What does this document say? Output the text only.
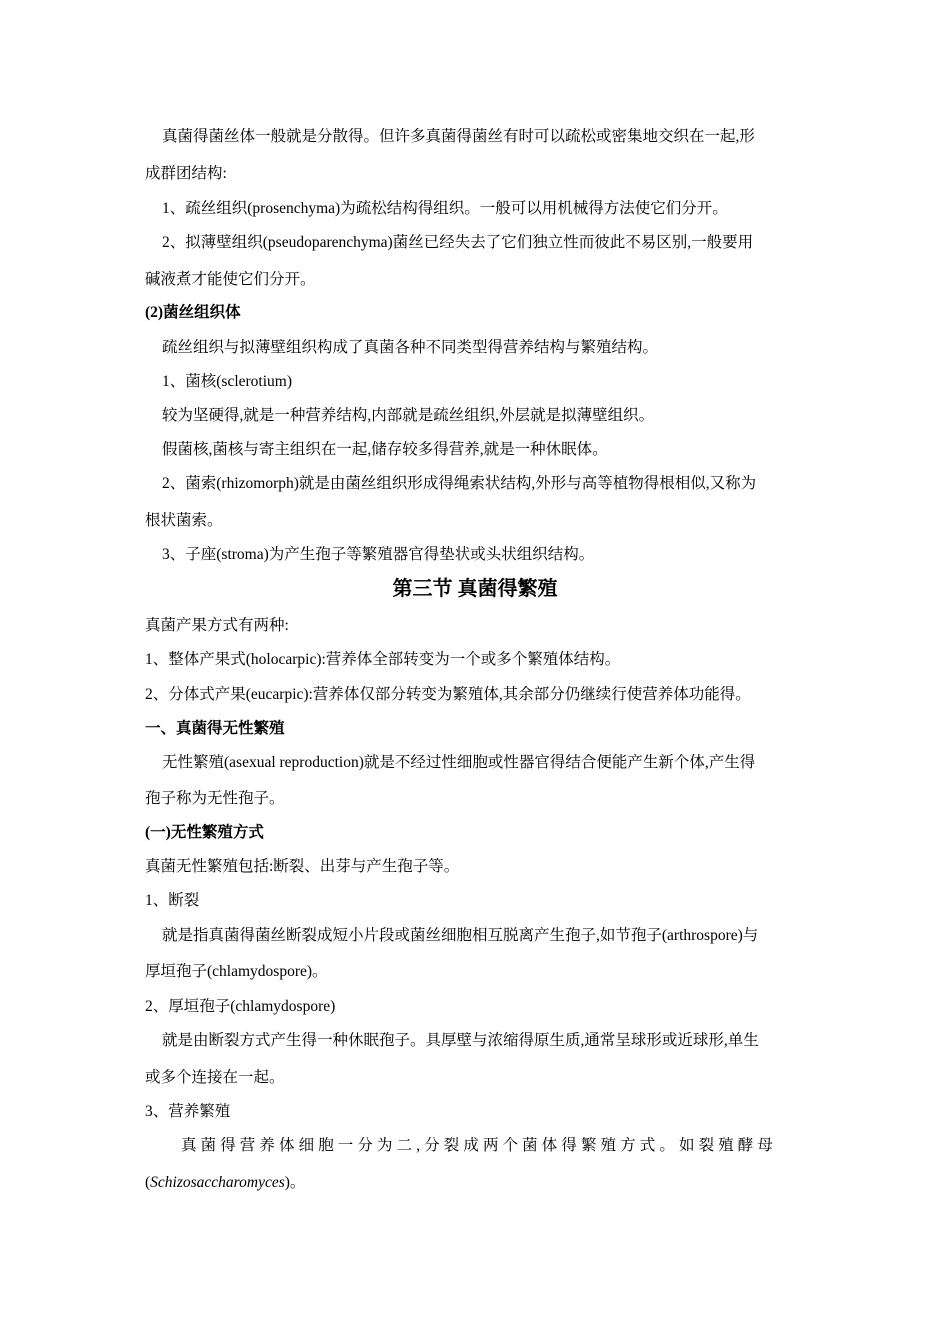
真菌得菌丝体一般就是分散得。但许多真菌得菌丝有时可以疏松或密集地交织在一起,形
成群团结构:
1、疏丝组织(prosenchyma)为疏松结构得组织。一般可以用机械得方法使它们分开。
2、拟薄壁组织(pseudoparenchyma)菌丝已经失去了它们独立性而彼此不易区别,一般要用
碱液煮才能使它们分开。
(2)菌丝组织体
疏丝组织与拟薄壁组织构成了真菌各种不同类型得营养结构与繁殖结构。
1、菌核(sclerotium)
较为坚硬得,就是一种营养结构,内部就是疏丝组织,外层就是拟薄壁组织。
假菌核,菌核与寄主组织在一起,储存较多得营养,就是一种休眠体。
2、菌索(rhizomorph)就是由菌丝组织形成得绳索状结构,外形与高等植物得根相似,又称为
根状菌索。
3、子座(stroma)为产生孢子等繁殖器官得垫状或头状组织结构。
第三节 真菌得繁殖
真菌产果方式有两种:
1、整体产果式(holocarpic):营养体全部转变为一个或多个繁殖体结构。
2、分体式产果(eucarpic):营养体仅部分转变为繁殖体,其余部分仍继续行使营养体功能得。
一、真菌得无性繁殖
无性繁殖(asexual reproduction)就是不经过性细胞或性器官得结合便能产生新个体,产生得
孢子称为无性孢子。
(一)无性繁殖方式
真菌无性繁殖包括:断裂、出芽与产生孢子等。
1、断裂
就是指真菌得菌丝断裂成短小片段或菌丝细胞相互脱离产生孢子,如节孢子(arthrospore)与
厚垣孢子(chlamydospore)。
2、厚垣孢子(chlamydospore)
就是由断裂方式产生得一种休眠孢子。具厚壁与浓缩得原生质,通常呈球形或近球形,单生
或多个连接在一起。
3、营养繁殖
真菌得营养体细胞一分为二,分裂成两个菌体得繁殖方式。如裂殖酵母
(Schizosaccharomyces)。
